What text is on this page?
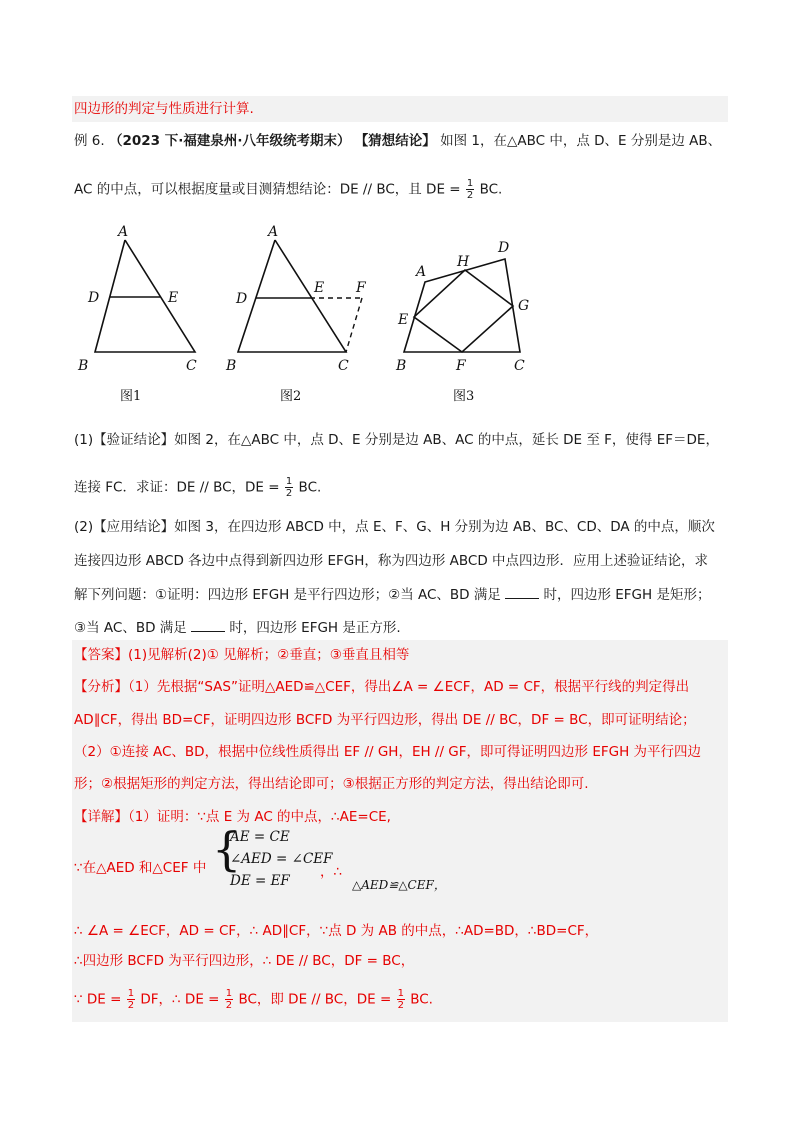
四边形的判定与性质进行计算.
例 6. （2023 下·福建泉州·八年级统考期末） 【猜想结论】 如图 1，在△ABC 中，点 D、E 分别是边 AB、
AC 的中点，可以根据度量或目测猜想结论：DE // BC，且 DE = $\frac{1}{2}$ BC.
A
D	E
B	C
图1
A
D
E F
B	C
图2
A
H
D
E
G
B	F	C
图3
(1)【验证结论】如图 2，在△ABC 中，点 D、E 分别是边 AB、AC 的中点，延长 DE 至 F，使得 EF＝DE，
连接 FC．求证：DE // BC，DE = $\frac{1}{2}$ BC.
(2)【应用结论】如图 3，在四边形 ABCD 中，点 E、F、G、H 分别为边 AB、BC、CD、DA 的中点，顺次
连接四边形 ABCD 各边中点得到新四边形 EFGH，称为四边形 ABCD 中点四边形．应用上述验证结论，求
解下列问题：①证明：四边形 EFGH 是平行四边形；②当 AC、BD 满足	时，四边形 EFGH 是矩形；
③当 AC、BD 满足	时，四边形 EFGH 是正方形.
【答案】(1)见解析(2)① 见解析；②垂直；③垂直且相等
【分析】（1）先根据“SAS”证明△AED≌△CEF，得出∠A = ∠ECF，AD = CF，根据平行线的判定得出
AD∥CF，得出 BD=CF，证明四边形 BCFD 为平行四边形，得出 DE // BC，DF = BC，即可证明结论；
（2）①连接 AC、BD，根据中位线性质得出 EF // GH，EH // GF，即可得证明四边形 EFGH 为平行四边
形；②根据矩形的判定方法，得出结论即可；③根据正方形的判定方法，得出结论即可.
【详解】（1）证明：∵点 E 为 AC 的中点，∴AE=CE,
∵在△AED 和△CEF 中 {
AE = CE
∠AED = ∠CEF
DE = EF
，∴
△AED≌△CEF，
∴ ∠A = ∠ECF，AD = CF，∴ AD∥CF，∵点 D 为 AB 的中点，∴AD=BD，∴BD=CF，
∴四边形 BCFD 为平行四边形，∴ DE // BC，DF = BC，
∵ DE = $\frac{1}{2}$ DF，∴ DE = $\frac{1}{2}$ BC，即 DE // BC，DE = $\frac{1}{2}$ BC.
